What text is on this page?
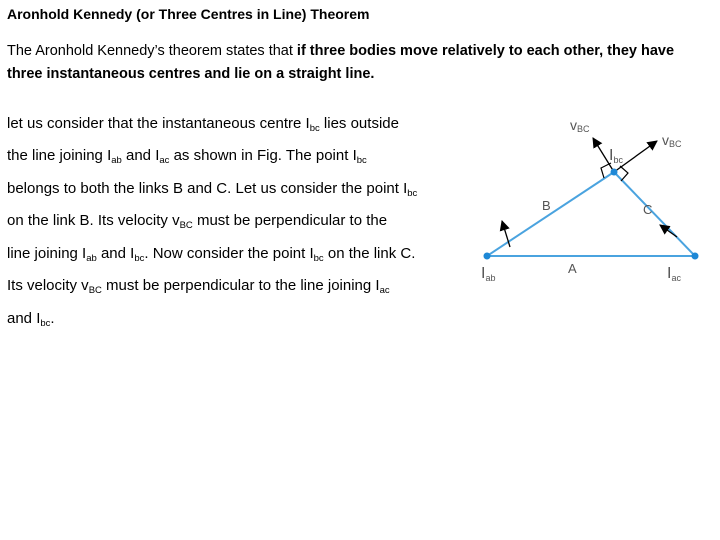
Aronhold Kennedy (or Three Centres in Line) Theorem
The Aronhold Kennedy’s theorem states that if three bodies move relatively to each other, they have three instantaneous centres and lie on a straight line.
let us consider that the instantaneous centre $I_{bc}$ lies outside
the line joining $I_{ab}$ and $I_{ac}$ as shown in Fig. The point $I_{bc}$
belongs to both the links B and C. Let us consider the point $I_{bc}$
on the link B. Its velocity $v_{BC}$ must be perpendicular to the
line joining $I_{ab}$ and $I_{bc}$. Now consider the point $I_{bc}$ on the link C.
Its velocity $v_{BC}$ must be perpendicular to the line joining $I_{ac}$
and $I_{bc}$.
vBC
vBC
Ibc
B	C
A
Iab	Iac
